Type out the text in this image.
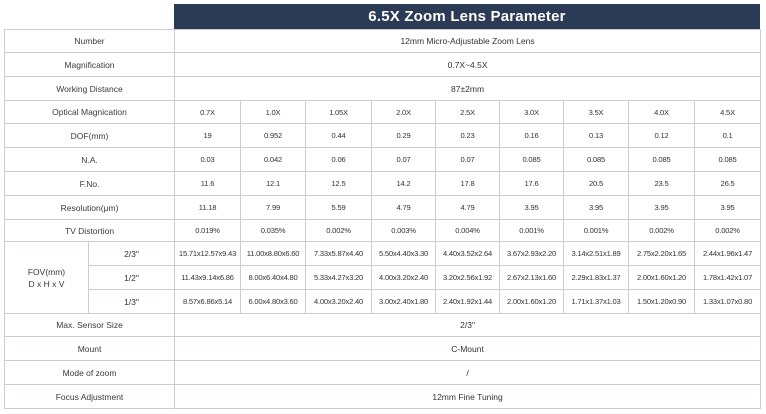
6.5X Zoom Lens Parameter
Number		12mm Micro-Adjustable Zoom Lens								
Magnification		0.7X~4.5X								
Working Distance		87±2mm								
Optical Magnication		0.7X	1.0X	1.05X	2.0X	2.5X	3.0X	3.5X	4.0X	4.5X
DOF(mm)		19	0.952	0.44	0.29	0.23	0.16	0.13	0.12	0.1
N.A.		0.03	0.042	0.06	0.07	0.07	0.085	0.085	0.085	0.085
F.No.		11.6	12.1	12.5	14.2	17.8	17.6	20.5	23.5	26.5
Resolution(μm)		11.18	7.99	5.59	4.79	4.79	3.95	3.95	3.95	3.95
TV Distortion		0.019%	0.035%	0.002%	0.003%	0.004%	0.001%	0.001%	0.002%	0.002%

FOV(mm)
D x H x V	2/3"	15.71x12.57x9.43	11.00x8.80x6.60	7.33x5.87x4.40	5.50x4.40x3.30	4.40x3.52x2.64	3.67x2.93x2.20	3.14x2.51x1.89	2.75x2.20x1.65	2.44x1.96x1.47
	1/2"	11.43x9.14x6.86	8.00x6.40x4.80	5.33x4.27x3.20	4.00x3.20x2.40	3.20x2.56x1.92	2.67x2.13x1.60	2.29x1.83x1.37	2.00x1.60x1.20	1.78x1.42x1.07
	1/3"	8.57x6.86x5.14	6.00x4.80x3.60	4.00x3.20x2.40	3.00x2.40x1.80	2.40x1.92x1.44	2.00x1.60x1.20	1.71x1.37x1.03	1.50x1.20x0.90	1.33x1.07x0.80
Max. Sensor Size		2/3"								
Mount		C-Mount								
Mode of zoom		/								
Focus Adjustment		12mm Fine Tuning								
